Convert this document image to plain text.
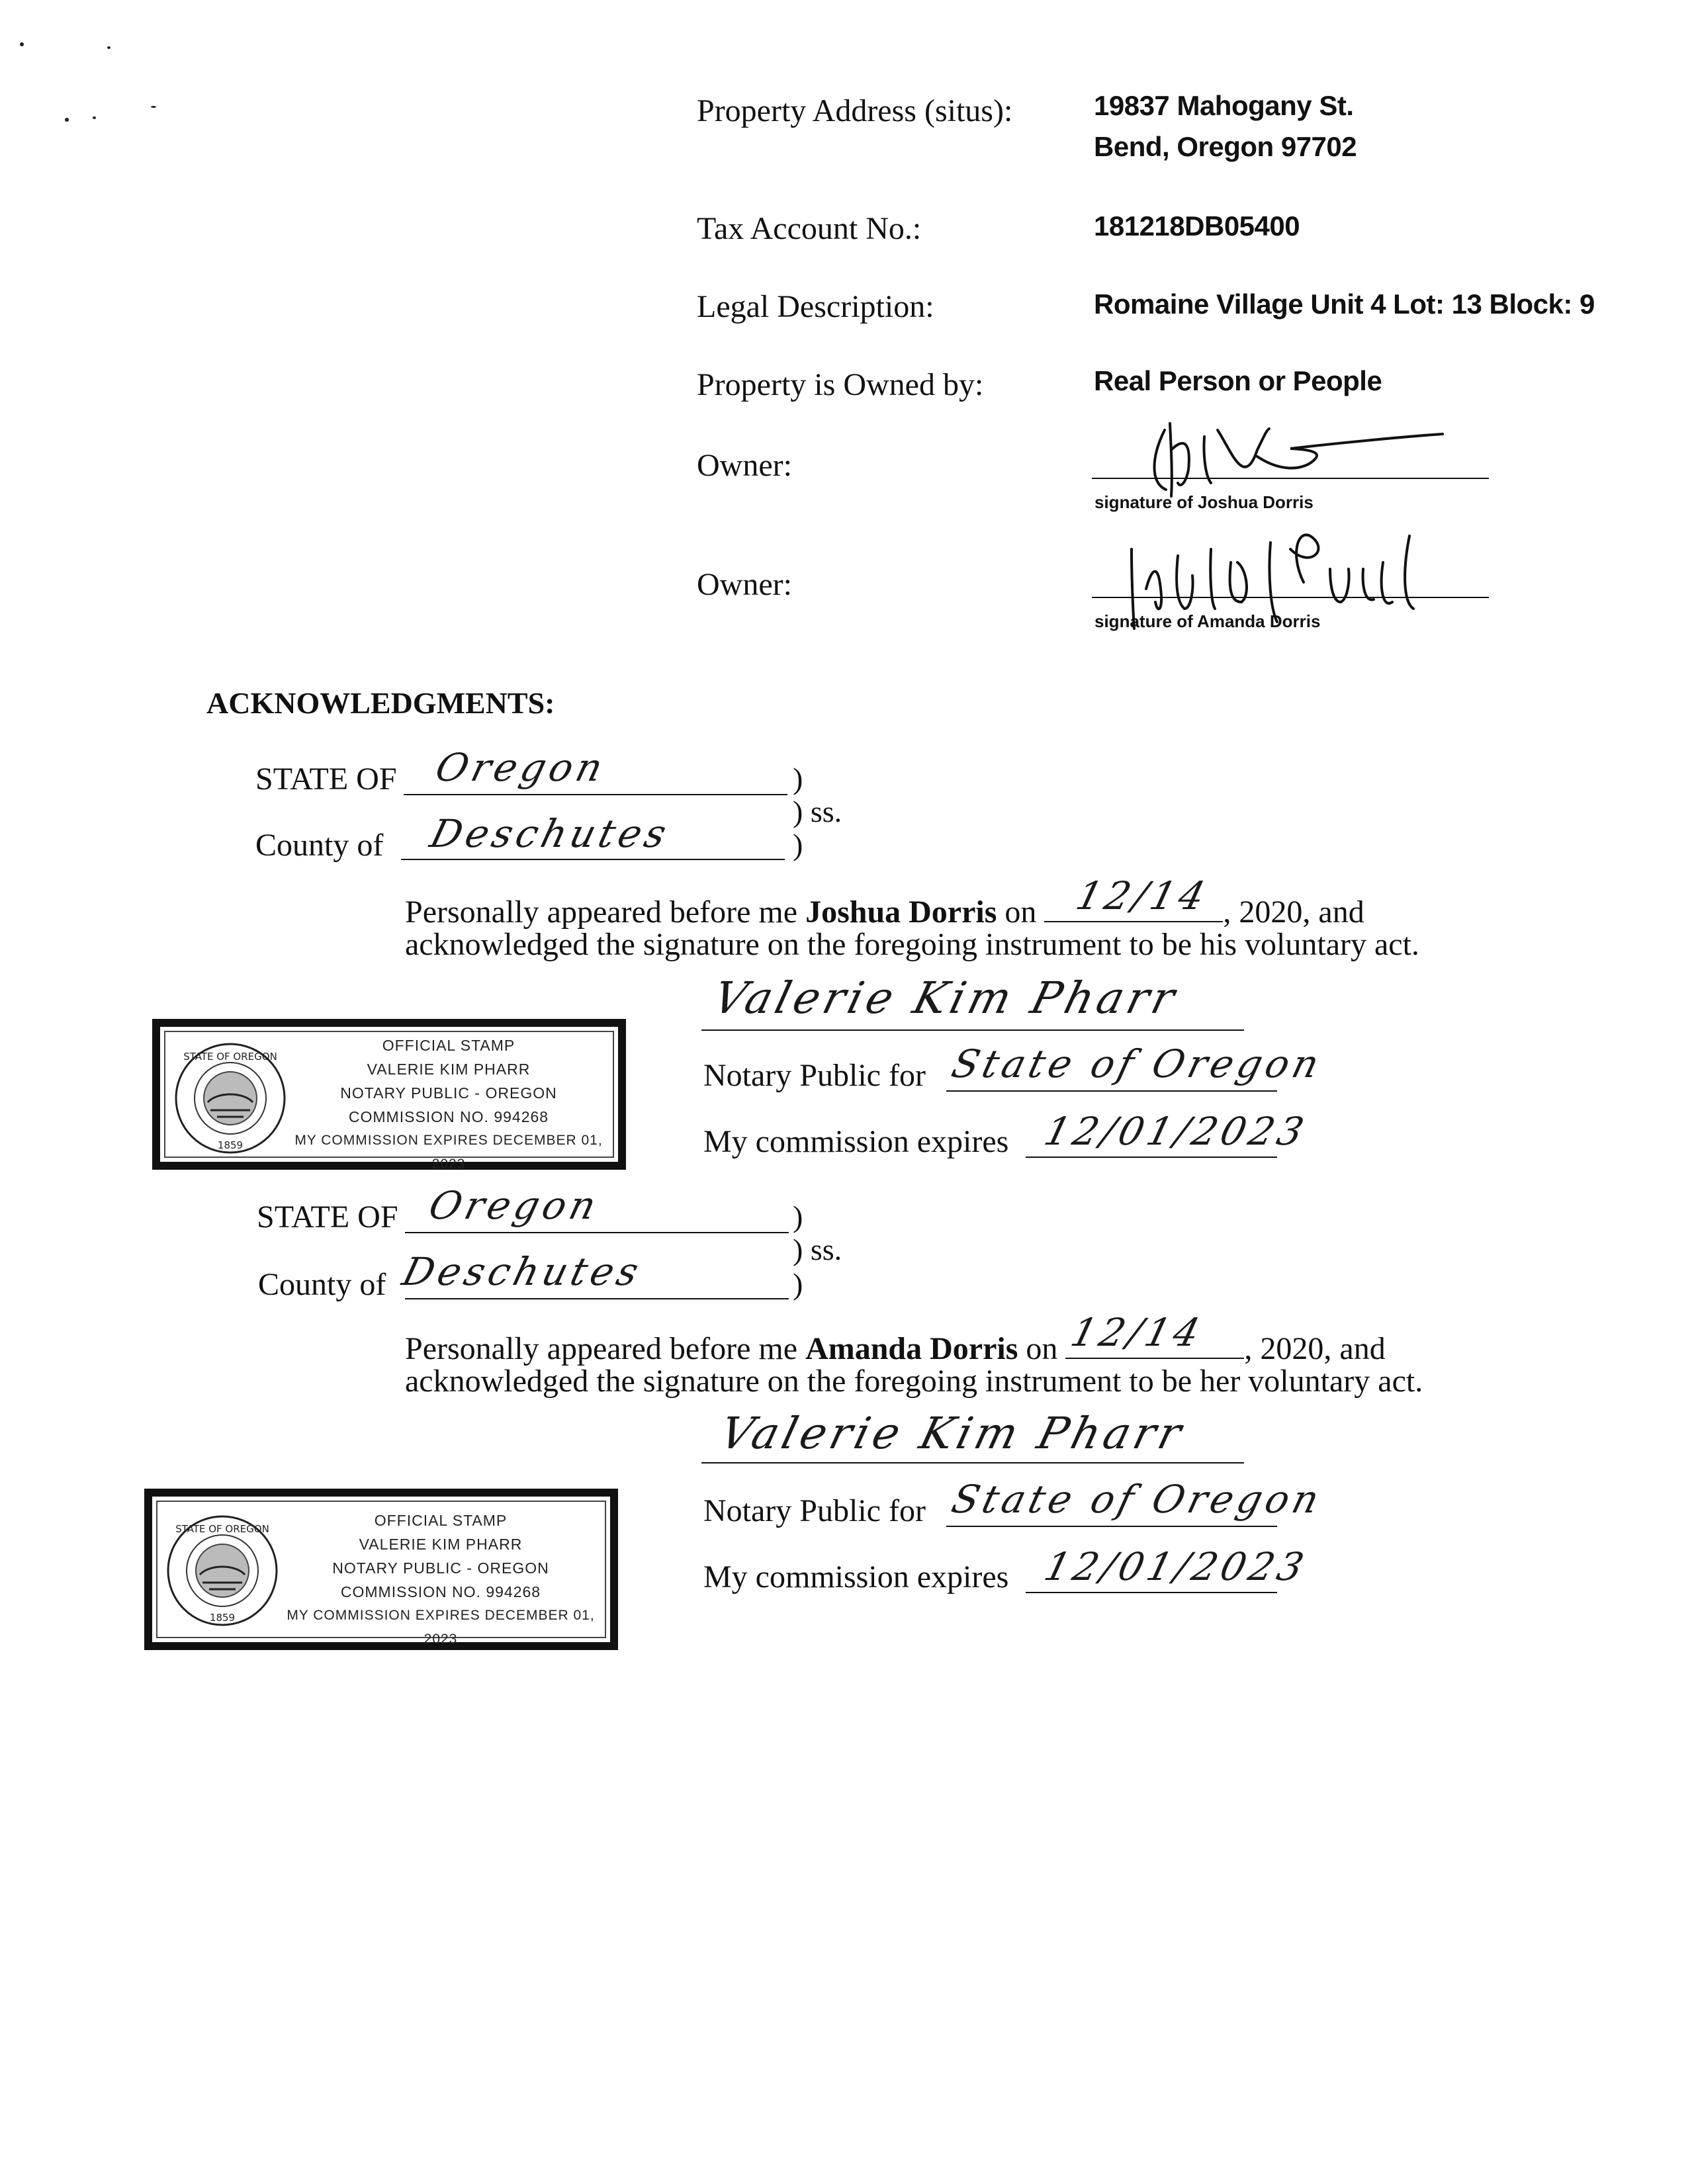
Property Address (situs):	19837 Mahogany St.
Bend, Oregon 97702
Tax Account No.:	181218DB05400
Legal Description:	Romaine Village Unit 4 Lot: 13 Block: 9
Property is Owned by:	Real Person or People
Owner:
signature of Joshua Dorris
Owner:
signature of Amanda Dorris
ACKNOWLEDGMENTS:
STATE OF Oregon	)
) ss.
County of Deschutes	)
Personally appeared before me Joshua Dorris on 12/14 , 2020, and
acknowledged the signature on the foregoing instrument to be his voluntary act.
Valerie Kim Pharr
Notary Public for State of Oregon
My commission expires 12/01/2023
STATE OF OREGON
1859
OFFICIAL STAMP
VALERIE KIM PHARR
NOTARY PUBLIC - OREGON
COMMISSION NO. 994268
MY COMMISSION EXPIRES DECEMBER 01, 2023
STATE OF Oregon	)
) ss.
County of Deschutes	)
Personally appeared before me Amanda Dorris on 12/14 , 2020, and
acknowledged the signature on the foregoing instrument to be her voluntary act.
Valerie Kim Pharr
Notary Public for State of Oregon
My commission expires 12/01/2023
STATE OF OREGON
1859
OFFICIAL STAMP
VALERIE KIM PHARR
NOTARY PUBLIC - OREGON
COMMISSION NO. 994268
MY COMMISSION EXPIRES DECEMBER 01, 2023
